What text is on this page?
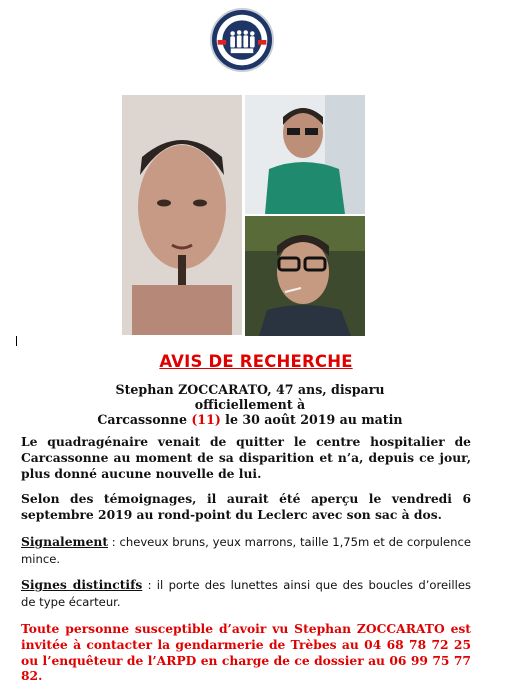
AVIS DE RECHERCHE
Stephan ZOCCARATO, 47 ans, disparu officiellement à
Carcassonne (11) le 30 août 2019 au matin
Le quadragénaire venait de quitter le centre hospitalier de Carcassonne au moment de sa disparition et n’a, depuis ce jour, plus donné aucune nouvelle de lui.
Selon des témoignages, il aurait été aperçu le vendredi 6 septembre 2019 au rond-point du Leclerc avec son sac à dos.
Signalement : cheveux bruns, yeux marrons, taille 1,75m et de corpulence mince.
Signes distinctifs : il porte des lunettes ainsi que des boucles d’oreilles de type écarteur.
Toute personne susceptible d’avoir vu Stephan ZOCCARATO est invitée à contacter la gendarmerie de Trèbes au 04 68 78 72 25 ou l’enquêteur de l’ARPD en charge de ce dossier au 06 99 75 77 82.
